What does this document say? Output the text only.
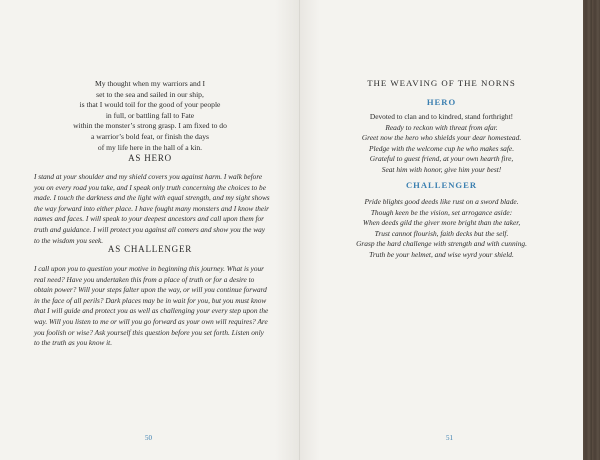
My thought when my warriors and I
set to the sea and sailed in our ship,
is that I would toil for the good of your people
in full, or battling fall to Fate
within the monster’s strong grasp. I am fixed to do
a warrior’s bold feat, or finish the days
of my life here in the hall of a kin.
AS HERO
I stand at your shoulder and my shield covers you against harm. I walk before
you on every road you take, and I speak only truth concerning the choices to be
made. I touch the darkness and the light with equal strength, and my sight shows
the way forward into either place. I have fought many monsters and I know their
names and faces. I will speak to your deepest ancestors and call upon them for
truth and guidance. I will protect you against all comers and show you the way
to the wisdom you seek.
AS CHALLENGER
I call upon you to question your motive in beginning this journey. What is your
real need? Have you undertaken this from a place of truth or for a desire to
obtain power? Will your steps falter upon the way, or will you continue forward
in the face of all perils? Dark places may be in wait for you, but you must know
that I will guide and protect you as well as challenging your every step upon the
way. Will you listen to me or will you go forward as your own will requires? Are
you foolish or wise? Ask yourself this question before you set forth. Listen only
to the truth as you know it.
50
THE WEAVING OF THE NORNS
HERO
Devoted to clan and to kindred, stand forthright!
Ready to reckon with threat from afar.
Greet now the hero who shields your dear homestead.
Pledge with the welcome cup he who makes safe.
Grateful to guest friend, at your own hearth fire,
Seat him with honor, give him your best!
CHALLENGER
Pride blights good deeds like rust on a sword blade.
Though keen be the vision, set arrogance aside:
When deeds gild the giver more bright than the taker,
Trust cannot flourish, faith decks but the self.
Grasp the hard challenge with strength and with cunning.
Truth be your helmet, and wise wyrd your shield.
51
